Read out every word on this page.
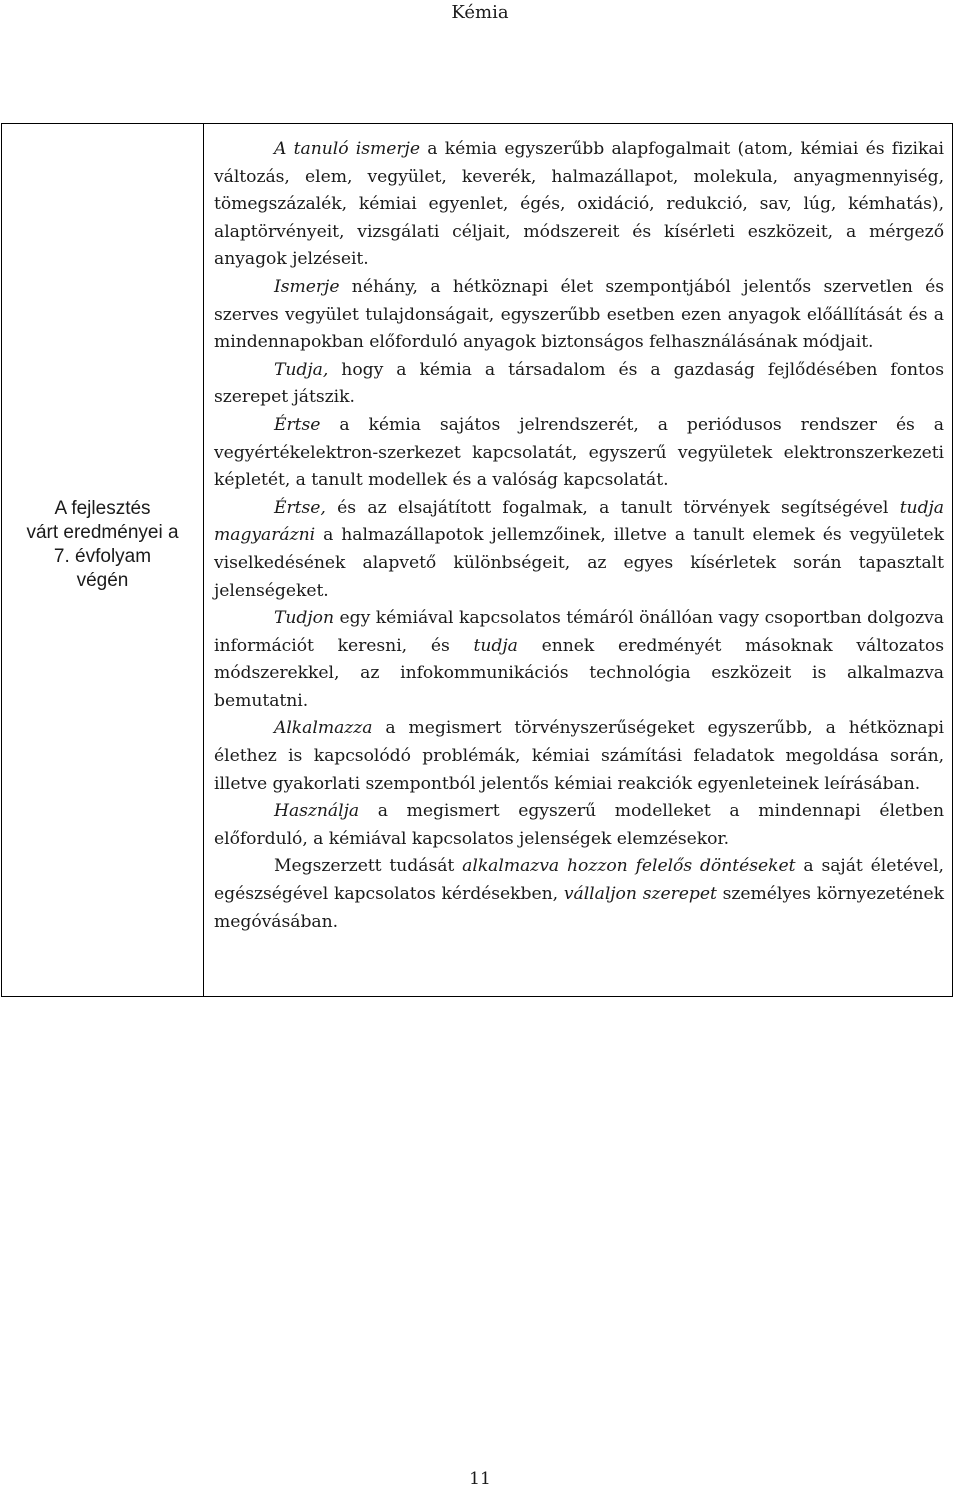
Kémia
A fejlesztés
várt eredményei a
7. évfolyam
végén

A tanuló ismerje a kémia egyszerűbb alapfogalmait (atom, kémiai és fizikai változás, elem, vegyület, keverék, halmazállapot, molekula, anyagmennyiség, tömegszázalék, kémiai egyenlet, égés, oxidáció, redukció, sav, lúg, kémhatás), alaptörvényeit, vizsgálati céljait, módszereit és kísérleti eszközeit, a mérgező anyagok jelzéseit.

Ismerje néhány, a hétköznapi élet szempontjából jelentős szervetlen és szerves vegyület tulajdonságait, egyszerűbb esetben ezen anyagok előállítását és a mindennapokban előforduló anyagok biztonságos felhasználásának módjait.

Tudja, hogy a kémia a társadalom és a gazdaság fejlődésében fontos szerepet játszik.

Értse a kémia sajátos jelrendszerét, a periódusos rendszer és a vegyértékelektron-szerkezet kapcsolatát, egyszerű vegyületek elektronszerkezeti képletét, a tanult modellek és a valóság kapcsolatát.

Értse, és az elsajátított fogalmak, a tanult törvények segítségével tudja magyarázni a halmazállapotok jellemzőinek, illetve a tanult elemek és vegyületek viselkedésének alapvető különbségeit, az egyes kísérletek során tapasztalt jelenségeket.

Tudjon egy kémiával kapcsolatos témáról önállóan vagy csoportban dolgozva információt keresni, és tudja ennek eredményét másoknak változatos módszerekkel, az infokommunikációs technológia eszközeit is alkalmazva bemutatni.

Alkalmazza a megismert törvényszerűségeket egyszerűbb, a hétköznapi élethez is kapcsolódó problémák, kémiai számítási feladatok megoldása során, illetve gyakorlati szempontból jelentős kémiai reakciók egyenleteinek leírásában.

Használja a megismert egyszerű modelleket a mindennapi életben előforduló, a kémiával kapcsolatos jelenségek elemzésekor.

Megszerzett tudását alkalmazva hozzon felelős döntéseket a saját életével, egészségével kapcsolatos kérdésekben, vállaljon szerepet személyes környezetének megóvásában.

11
